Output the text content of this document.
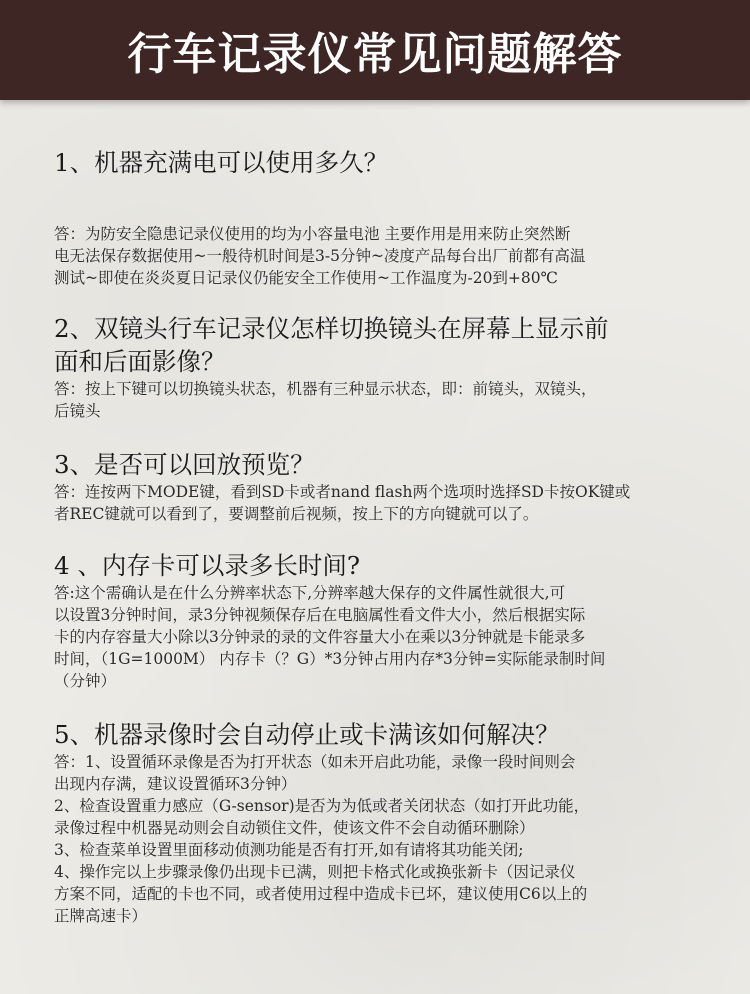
行车记录仪常见问题解答

1、机器充满电可以使用多久？

答：为防安全隐患记录仪使用的均为小容量电池 主要作用是用来防止突然断
电无法保存数据使用~一般待机时间是3-5分钟~凌度产品每台出厂前都有高温
测试~即使在炎炎夏日记录仪仍能安全工作使用~工作温度为-20到+80℃

2、双镜头行车记录仪怎样切换镜头在屏幕上显示前
面和后面影像？

答：按上下键可以切换镜头状态，机器有三种显示状态，即：前镜头，双镜头，
后镜头

3、是否可以回放预览？

答：连按两下MODE键，看到SD卡或者nand flash两个选项时选择SD卡按OK键或
者REC键就可以看到了，要调整前后视频，按上下的方向键就可以了。

4 、内存卡可以录多长时间?

答:这个需确认是在什么分辨率状态下,分辨率越大保存的文件属性就很大,可
以设置3分钟时间，录3分钟视频保存后在电脑属性看文件大小，然后根据实际
卡的内存容量大小除以3分钟录的录的文件容量大小在乘以3分钟就是卡能录多
时间，（1G=1000M） 内存卡（？G）*3分钟占用内存*3分钟=实际能录制时间
（分钟）

5、机器录像时会自动停止或卡满该如何解决？

答：1、设置循环录像是否为打开状态（如未开启此功能，录像一段时间则会
出现内存满，建议设置循环3分钟）
2、检查设置重力感应（G-sensor)是否为为低或者关闭状态（如打开此功能，
录像过程中机器晃动则会自动锁住文件，使该文件不会自动循环删除）
3、检查菜单设置里面移动侦测功能是否有打开,如有请将其功能关闭;
4、操作完以上步骤录像仍出现卡已满，则把卡格式化或换张新卡（因记录仪
方案不同，适配的卡也不同，或者使用过程中造成卡已坏，建议使用C6以上的
正牌高速卡）
